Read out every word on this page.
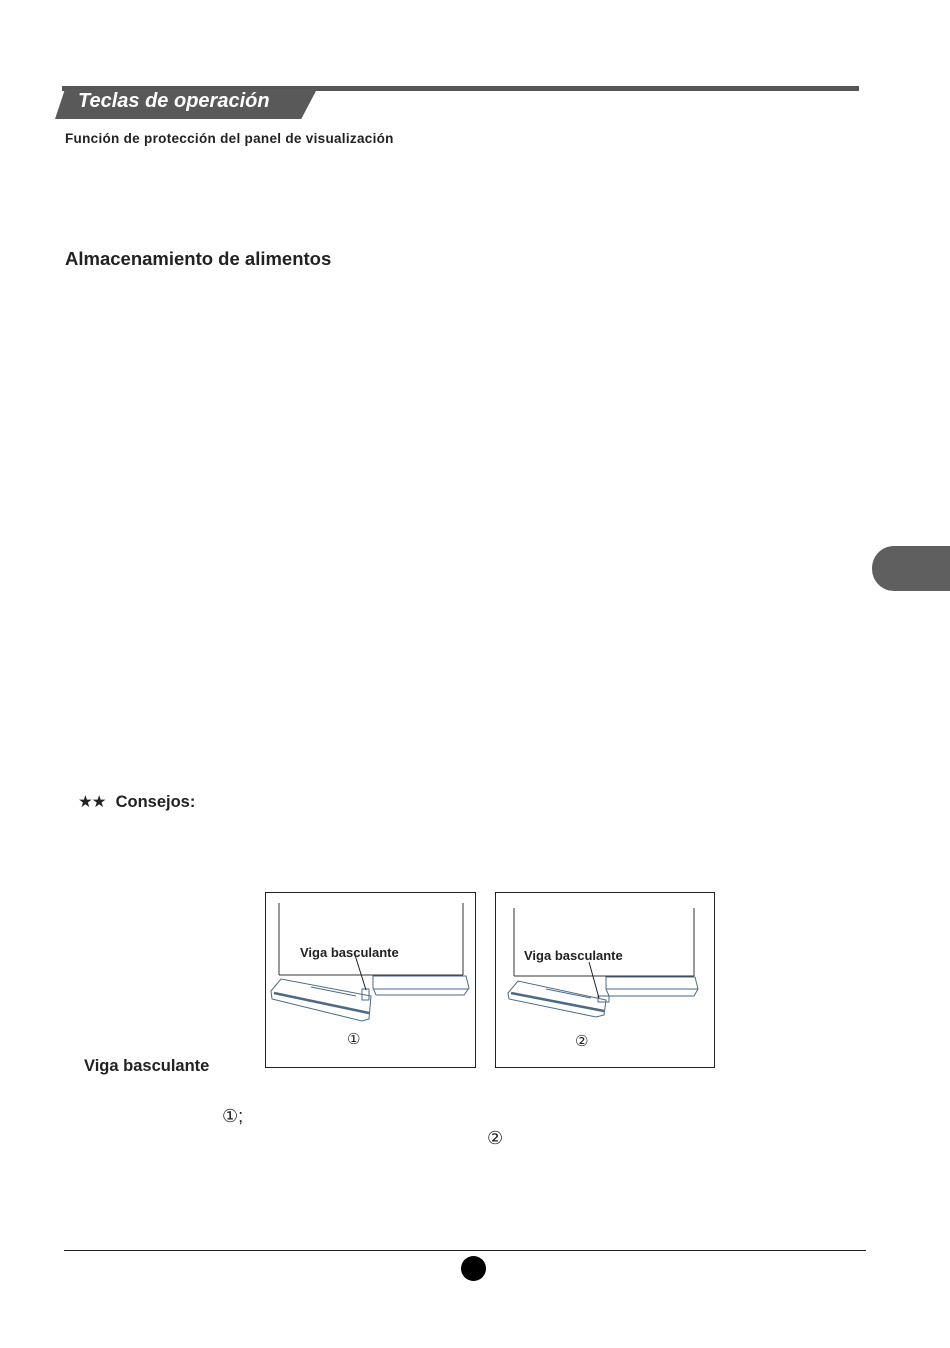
Teclas de operación
Función de protección del panel de visualización
Almacenamiento de alimentos
★★ Consejos:
Viga basculante
①
Viga basculante
②
Viga basculante
①;
②
